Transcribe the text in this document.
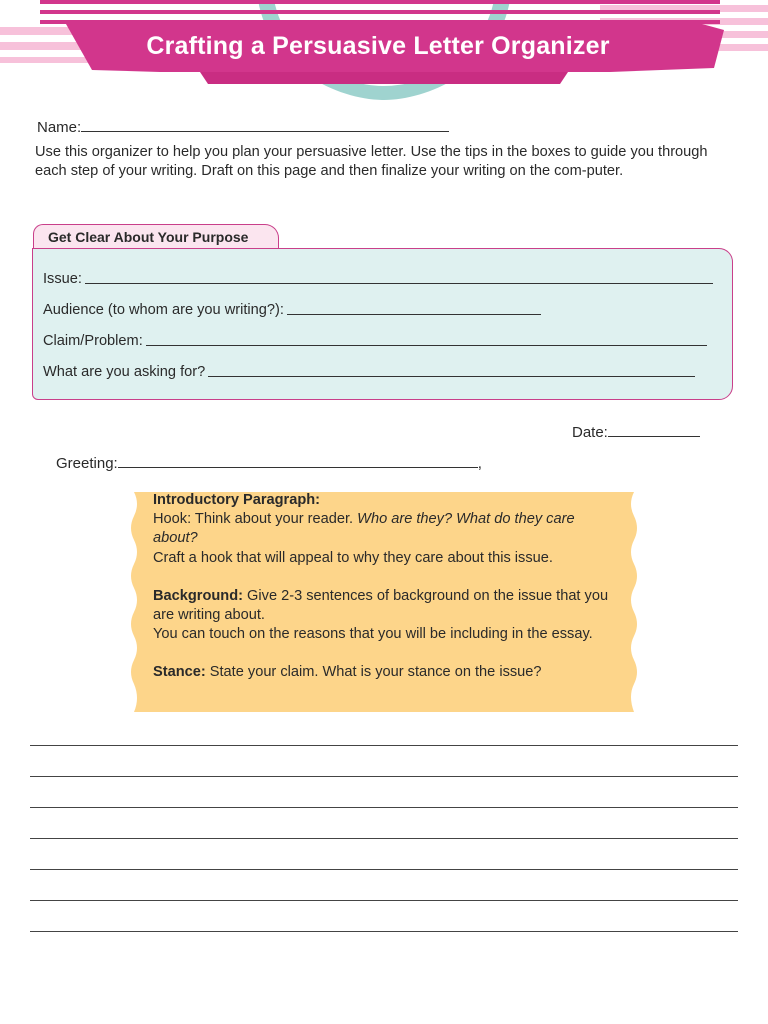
Crafting a Persuasive Letter Organizer
Name:
Use this organizer to help you plan your persuasive letter. Use the tips in the boxes to guide you through each step of your writing. Draft on this page and then finalize your writing on the com-puter.
Get Clear About Your Purpose
Issue:
Audience (to whom are you writing?):
Claim/Problem:
What are you asking for?
Date:
Greeting:	,

Introductory Paragraph:

Hook: Think about your reader. Who are they? What do they care about?

Craft a hook that will appeal to why they care about this issue.

Background: Give 2-3 sentences of background on the issue that you are writing about.

You can touch on the reasons that you will be including in the essay.

Stance: State your claim. What is your stance on the issue?
